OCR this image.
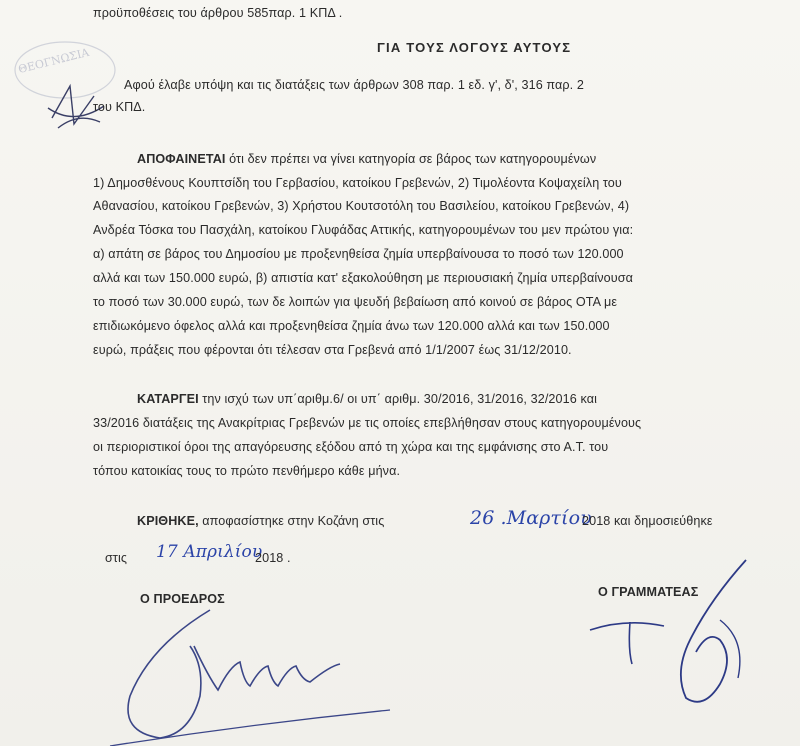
ΘΕΟΓΝΩΣΙΑ
προϋποθέσεις του άρθρου 585παρ. 1 ΚΠΔ .
ΓΙΑ ΤΟΥΣ ΛΟΓΟΥΣ ΑΥΤΟΥΣ
Αφού έλαβε υπόψη και τις διατάξεις των άρθρων 308 παρ. 1 εδ. γ', δ', 316 παρ. 2
του ΚΠΔ.
ΑΠΟΦΑΙΝΕΤΑΙ ότι δεν πρέπει να γίνει κατηγορία σε βάρος των κατηγορουμένων
1) Δημοσθένους Κουπτσίδη του Γερβασίου, κατοίκου Γρεβενών, 2) Τιμολέοντα Κοψαχείλη του
Αθανασίου, κατοίκου Γρεβενών, 3) Χρήστου Κουτσοτόλη του Βασιλείου, κατοίκου Γρεβενών, 4)
Ανδρέα Τόσκα του Πασχάλη, κατοίκου Γλυφάδας Αττικής, κατηγορουμένων του μεν πρώτου για:
α) απάτη σε βάρος του Δημοσίου με προξενηθείσα ζημία υπερβαίνουσα το ποσό των 120.000
αλλά και των 150.000 ευρώ, β) απιστία κατ' εξακολούθηση με περιουσιακή ζημία υπερβαίνουσα
το ποσό των 30.000 ευρώ, των δε λοιπών για ψευδή βεβαίωση από κοινού σε βάρος ΟΤΑ με
επιδιωκόμενο όφελος αλλά και προξενηθείσα ζημία άνω των 120.000 αλλά και των 150.000
ευρώ, πράξεις που φέρονται ότι τέλεσαν στα Γρεβενά από 1/1/2007 έως 31/12/2010.
ΚΑΤΑΡΓΕΙ την ισχύ των υπ΄αριθμ.6/ οι υπ΄ αριθμ. 30/2016, 31/2016, 32/2016 και
33/2016 διατάξεις της Ανακρίτριας Γρεβενών με τις οποίες επεβλήθησαν στους κατηγορουμένους
οι περιοριστικοί όροι της απαγόρευσης εξόδου από τη χώρα και της εμφάνισης στο Α.Τ. του
τόπου κατοικίας τους το πρώτο πενθήμερο κάθε μήνα.
ΚΡΙΘΗΚΕ, αποφασίστηκε στην Κοζάνη στις	26 .Μαρτίου
2018 και δημοσιεύθηκε
στις 17 Απριλίου
2018 .
Ο ΠΡΟΕΔΡΟΣ	Ο ΓΡΑΜΜΑΤΕΑΣ
